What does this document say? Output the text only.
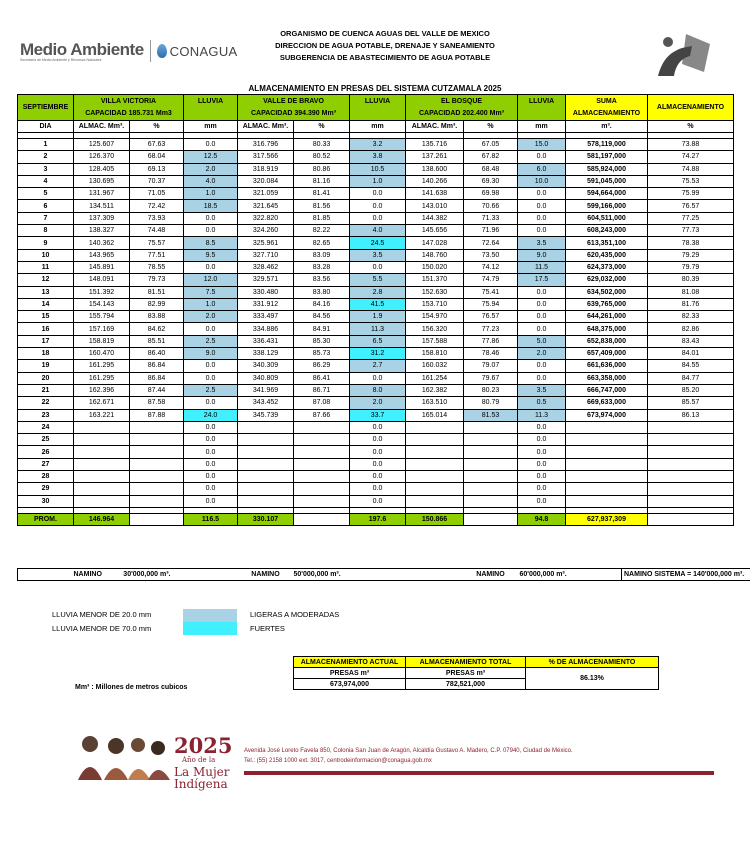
Medio Ambiente
Secretaría de Medio Ambiente y Recursos Naturales
CONAGUA
ORGANISMO DE CUENCA AGUAS DEL VALLE DE MEXICO
DIRECCION DE AGUA POTABLE, DRENAJE Y SANEAMIENTO
SUBGERENCIA DE ABASTECIMIENTO DE AGUA POTABLE
ALMACENAMIENTO EN PRESAS DEL SISTEMA CUTZAMALA 2025
SEPTIEMBRE	VILLA VICTORIA
CAPACIDAD 185.731 Mm3		LLUVIA	VALLE DE BRAVO
CAPACIDAD 394.390 Mm³		LLUVIA	EL BOSQUE
CAPACIDAD 202.400 Mm³		LLUVIA	SUMA
ALMACENAMIENTO	ALMACENAMIENTO
DIA	ALMAC. Mm³.	%	mm	ALMAC. Mm³.	%	mm	ALMAC. Mm³.	%	mm	m³.	%

1	125.607	67.63	0.0	316.796	80.33	3.2	135.716	67.05	15.0	578,119,000	73.88
2	126.370	68.04	12.5	317.566	80.52	3.8	137.261	67.82	0.0	581,197,000	74.27
3	128.405	69.13	2.0	318.919	80.86	10.5	138.600	68.48	6.0	585,924,000	74.88
4	130.695	70.37	4.0	320.084	81.16	1.0	140.266	69.30	10.0	591,045,000	75.53
5	131.967	71.05	1.0	321.059	81.41	0.0	141.638	69.98	0.0	594,664,000	75.99
6	134.511	72.42	18.5	321.645	81.56	0.0	143.010	70.66	0.0	599,166,000	76.57
7	137.309	73.93	0.0	322.820	81.85	0.0	144.382	71.33	0.0	604,511,000	77.25
8	138.327	74.48	0.0	324.260	82.22	4.0	145.656	71.96	0.0	608,243,000	77.73
9	140.362	75.57	8.5	325.961	82.65	24.5	147.028	72.64	3.5	613,351,100	78.38
10	143.965	77.51	9.5	327.710	83.09	3.5	148.760	73.50	9.0	620,435,000	79.29
11	145.891	78.55	0.0	328.462	83.28	0.0	150.020	74.12	11.5	624,373,000	79.79
12	148.091	79.73	12.0	329.571	83.56	5.5	151.370	74.79	17.5	629,032,000	80.39
13	151.392	81.51	7.5	330.480	83.80	2.8	152.630	75.41	0.0	634,502,000	81.08
14	154.143	82.99	1.0	331.912	84.16	41.5	153.710	75.94	0.0	639,765,000	81.76
15	155.794	83.88	2.0	333.497	84.56	1.9	154.970	76.57	0.0	644,261,000	82.33
16	157.169	84.62	0.0	334.886	84.91	11.3	156.320	77.23	0.0	648,375,000	82.86
17	158.819	85.51	2.5	336.431	85.30	6.5	157.588	77.86	5.0	652,838,000	83.43
18	160.470	86.40	9.0	338.129	85.73	31.2	158.810	78.46	2.0	657,409,000	84.01
19	161.295	86.84	0.0	340.309	86.29	2.7	160.032	79.07	0.0	661,636,000	84.55
20	161.295	86.84	0.0	340.809	86.41	0.0	161.254	79.67	0.0	663,358,000	84.77
21	162.396	87.44	2.5	341.969	86.71	8.0	162.382	80.23	3.5	666,747,000	85.20
22	162.671	87.58	0.0	343.452	87.08	2.0	163.510	80.79	0.5	669,633,000	85.57
23	163.221	87.88	24.0	345.739	87.66	33.7	165.014	81.53	11.3	673,974,000	86.13
24			0.0			0.0			0.0		
25			0.0			0.0			0.0		
26			0.0			0.0			0.0		
27			0.0			0.0			0.0		
28			0.0			0.0			0.0		
29			0.0			0.0			0.0		
30			0.0			0.0			0.0		

PROM.	146.964		116.5	330.107		197.6	150.866		94.8	627,937,309	
	NAMINO	30'000,000 m³.		NAMINO	50'000,000 m³.		NAMINO	60'000,000 m³.	NAMINO SISTEMA = 140'000,000 m³.
LLUVIA MENOR DE 20.0 mm
LLUVIA MENOR DE 70.0 mm
LIGERAS A MODERADAS
FUERTES
ALMACENAMIENTO ACTUAL	ALMACENAMIENTO TOTAL	% DE ALMACENAMIENTO
PRESAS m³	PRESAS m³	86.13%
673,974,000	782,521,000	
Mm³ : Millones de metros cubicos
2025
Año de la
La Mujer
Indígena
Avenida José Loreto Favela 850, Colonia San Juan de Aragón, Alcaldía Gustavo A. Madero, C.P. 07940, Ciudad de México.
Tel.: (55) 2158 1000 ext. 3017, centrodeinformacion@conagua.gob.mx
